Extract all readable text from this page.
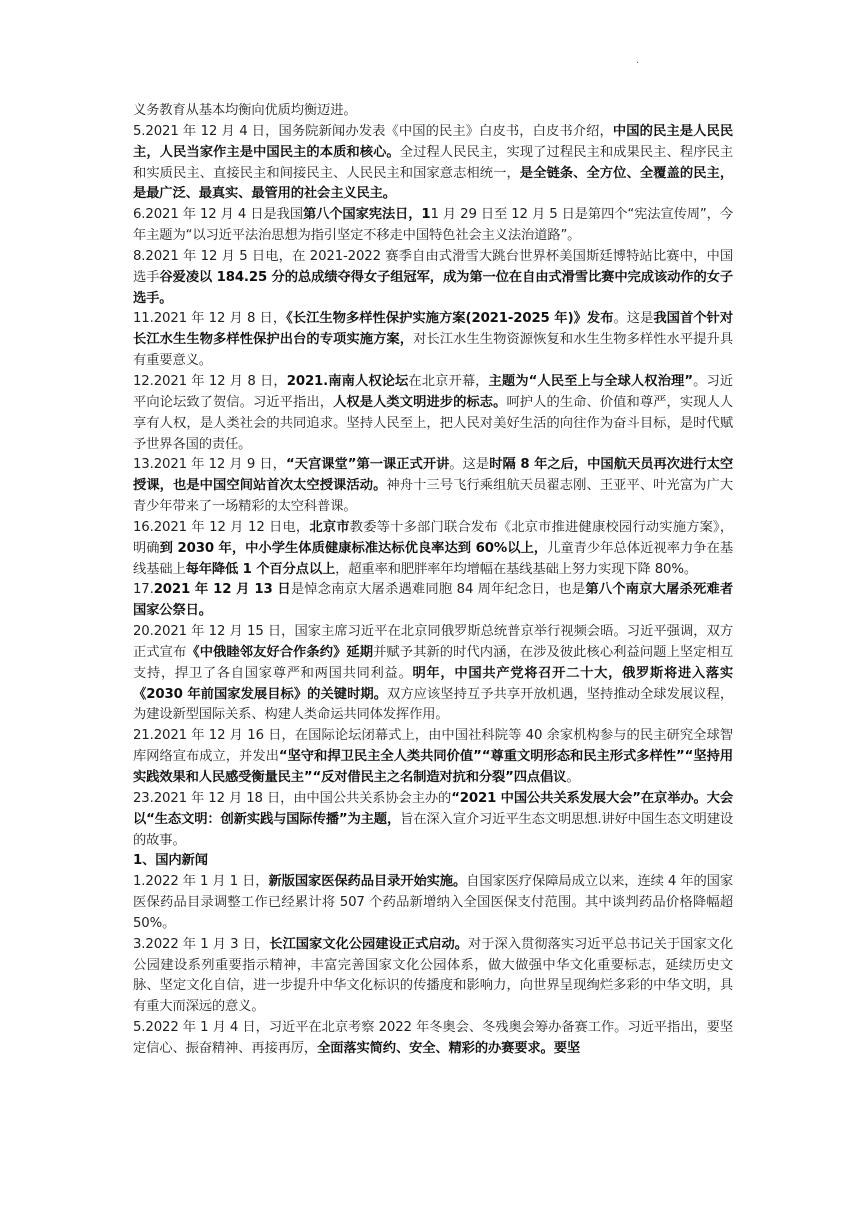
·

义务教育从基本均衡向优质均衡迈进。

5.2021 年 12 月 4 日，国务院新闻办发表《中国的民主》白皮书，白皮书介绍，中国的民主是人民民主，人民当家作主是中国民主的本质和核心。全过程人民民主，实现了过程民主和成果民主、程序民主和实质民主、直接民主和间接民主、人民民主和国家意志相统一，是全链条、全方位、全覆盖的民主，是最广泛、最真实、最管用的社会主义民主。

6.2021 年 12 月 4 日是我国第八个国家宪法日，11 月 29 日至 12 月 5 日是第四个“宪法宣传周”，今年主题为“以习近平法治思想为指引坚定不移走中国特色社会主义法治道路”。

8.2021 年 12 月 5 日电，在 2021-2022 赛季自由式滑雪大跳台世界杯美国斯廷博特站比赛中，中国选手谷爱凌以 184.25 分的总成绩夺得女子组冠军，成为第一位在自由式滑雪比赛中完成该动作的女子选手。

11.2021 年 12 月 8 日，《长江生物多样性保护实施方案(2021-2025 年)》发布。这是我国首个针对长江水生生物多样性保护出台的专项实施方案，对长江水生生物资源恢复和水生生物多样性水平提升具有重要意义。

12.2021 年 12 月 8 日，2021.南南人权论坛在北京开幕，主题为“人民至上与全球人权治理”。习近平向论坛致了贺信。习近平指出，人权是人类文明进步的标志。呵护人的生命、价值和尊严，实现人人享有人权，是人类社会的共同追求。坚持人民至上，把人民对美好生活的向往作为奋斗目标，是时代赋予世界各国的责任。

13.2021 年 12 月 9 日，“天宫课堂”第一课正式开讲。这是时隔 8 年之后，中国航天员再次进行太空授课，也是中国空间站首次太空授课活动。神舟十三号飞行乘组航天员翟志刚、王亚平、叶光富为广大青少年带来了一场精彩的太空科普课。

16.2021 年 12 月 12 日电，北京市教委等十多部门联合发布《北京市推进健康校园行动实施方案》，明确到 2030 年，中小学生体质健康标准达标优良率达到 60%以上，儿童青少年总体近视率力争在基线基础上每年降低 1 个百分点以上，超重率和肥胖率年均增幅在基线基础上努力实现下降 80%。

17.2021 年 12 月 13 日是悼念南京大屠杀遇难同胞 84 周年纪念日，也是第八个南京大屠杀死难者国家公祭日。

20.2021 年 12 月 15 日，国家主席习近平在北京同俄罗斯总统普京举行视频会晤。习近平强调，双方正式宣布《中俄睦邻友好合作条约》延期并赋予其新的时代内涵，在涉及彼此核心利益问题上坚定相互支持，捍卫了各自国家尊严和两国共同利益。明年，中国共产党将召开二十大，俄罗斯将进入落实《2030 年前国家发展目标》的关键时期。双方应该坚持互予共享开放机遇，坚持推动全球发展议程，为建设新型国际关系、构建人类命运共同体发挥作用。

21.2021 年 12 月 16 日，在国际论坛闭幕式上，由中国社科院等 40 余家机构参与的民主研究全球智库网络宣布成立，并发出“坚守和捍卫民主全人类共同价值”“尊重文明形态和民主形式多样性”“坚持用实践效果和人民感受衡量民主”“反对借民主之名制造对抗和分裂”四点倡议。

23.2021 年 12 月 18 日，由中国公共关系协会主办的“2021 中国公共关系发展大会”在京举办。大会以“生态文明：创新实践与国际传播”为主题，旨在深入宣介习近平生态文明思想.讲好中国生态文明建设的故事。

1、国内新闻

1.2022 年 1 月 1 日，新版国家医保药品目录开始实施。自国家医疗保障局成立以来，连续 4 年的国家医保药品目录调整工作已经累计将 507 个药品新增纳入全国医保支付范围。其中谈判药品价格降幅超 50%。

3.2022 年 1 月 3 日，长江国家文化公园建设正式启动。对于深入贯彻落实习近平总书记关于国家文化公园建设系列重要指示精神，丰富完善国家文化公园体系，做大做强中华文化重要标志，延续历史文脉、坚定文化自信，进一步提升中华文化标识的传播度和影响力，向世界呈现绚烂多彩的中华文明，具有重大而深远的意义。

5.2022 年 1 月 4 日，习近平在北京考察 2022 年冬奥会、冬残奥会筹办备赛工作。习近平指出，要坚定信心、振奋精神、再接再厉，全面落实简约、安全、精彩的办赛要求。要坚
